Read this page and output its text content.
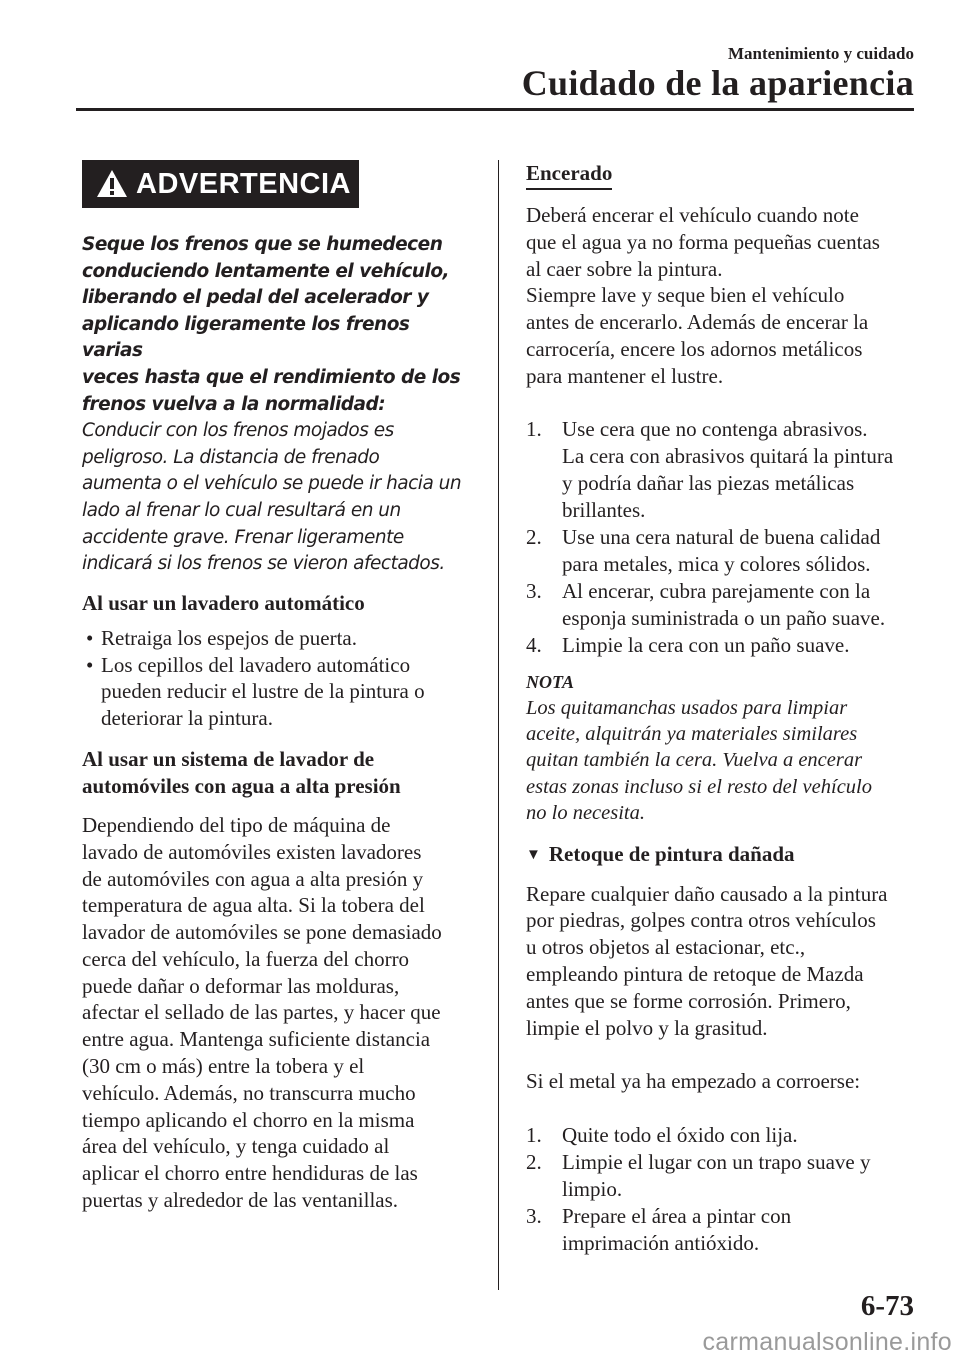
Mantenimiento y cuidado
Cuidado de la apariencia
ADVERTENCIA
Seque los frenos que se humedecen
conduciendo lentamente el vehículo,
liberando el pedal del acelerador y
aplicando ligeramente los frenos varias
veces hasta que el rendimiento de los
frenos vuelva a la normalidad:
Conducir con los frenos mojados es
peligroso. La distancia de frenado
aumenta o el vehículo se puede ir hacia un
lado al frenar lo cual resultará en un
accidente grave. Frenar ligeramente
indicará si los frenos se vieron afectados.
Al usar un lavadero automático
• Retraiga los espejos de puerta.
• Los cepillos del lavadero automático
pueden reducir el lustre de la pintura o
deteriorar la pintura.
Al usar un sistema de lavador de
automóviles con agua a alta presión
Dependiendo del tipo de máquina de
lavado de automóviles existen lavadores
de automóviles con agua a alta presión y
temperatura de agua alta. Si la tobera del
lavador de automóviles se pone demasiado
cerca del vehículo, la fuerza del chorro
puede dañar o deformar las molduras,
afectar el sellado de las partes, y hacer que
entre agua. Mantenga suficiente distancia
(30 cm o más) entre la tobera y el
vehículo. Además, no transcurra mucho
tiempo aplicando el chorro en la misma
área del vehículo, y tenga cuidado al
aplicar el chorro entre hendiduras de las
puertas y alrededor de las ventanillas.
Encerado
Deberá encerar el vehículo cuando note
que el agua ya no forma pequeñas cuentas
al caer sobre la pintura.
Siempre lave y seque bien el vehículo
antes de encerarlo. Además de encerar la
carrocería, encere los adornos metálicos
para mantener el lustre.
1. Use cera que no contenga abrasivos.
La cera con abrasivos quitará la pintura
y podría dañar las piezas metálicas
brillantes.
2. Use una cera natural de buena calidad
para metales, mica y colores sólidos.
3. Al encerar, cubra parejamente con la
esponja suministrada o un paño suave.
4. Limpie la cera con un paño suave.
NOTA
Los quitamanchas usados para limpiar
aceite, alquitrán ya materiales similares
quitan también la cera. Vuelva a encerar
estas zonas incluso si el resto del vehículo
no lo necesita.
▼ Retoque de pintura dañada
Repare cualquier daño causado a la pintura
por piedras, golpes contra otros vehículos
u otros objetos al estacionar, etc.,
empleando pintura de retoque de Mazda
antes que se forme corrosión. Primero,
limpie el polvo y la grasitud.
Si el metal ya ha empezado a corroerse:
1. Quite todo el óxido con lija.
2. Limpie el lugar con un trapo suave y
limpio.
3. Prepare el área a pintar con
imprimación antióxido.
6-73
carmanualsonline.info
